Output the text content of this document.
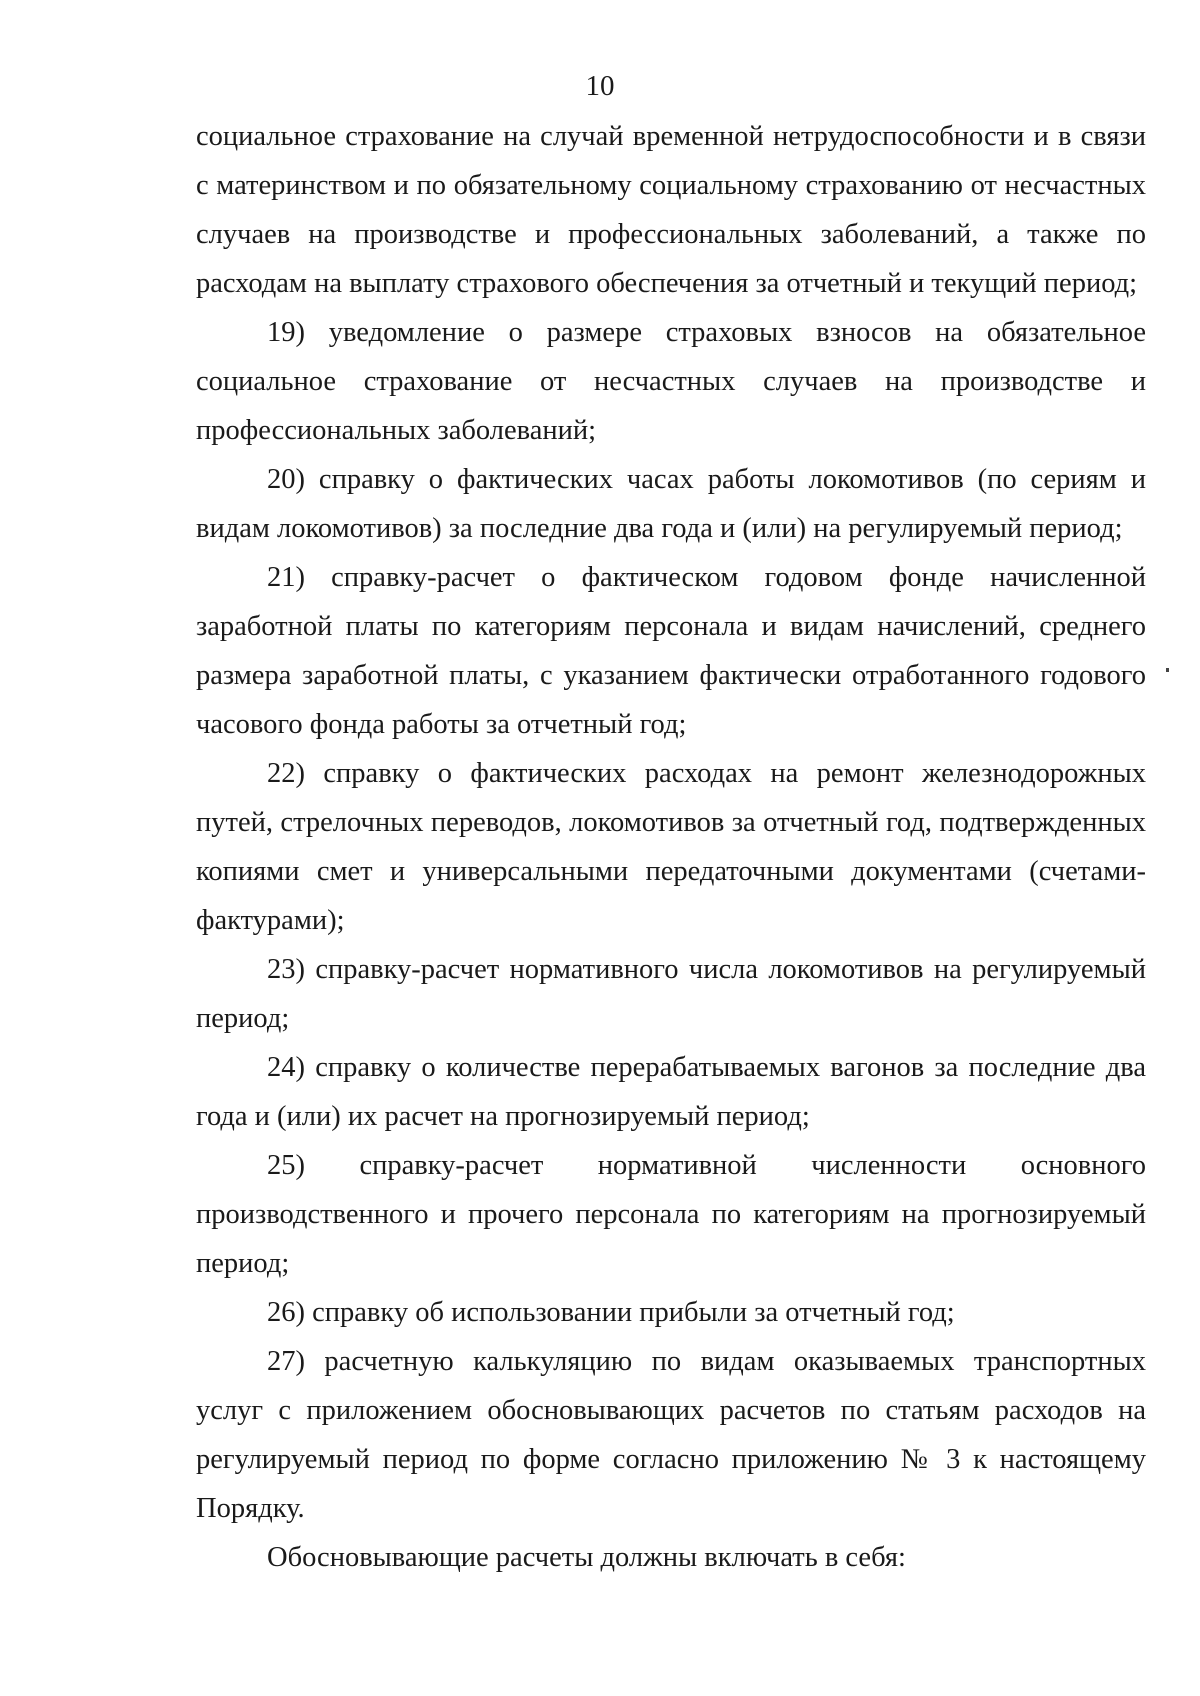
10

социальное страхование на случай временной нетрудоспособности и в связи с материнством и по обязательному социальному страхованию от несчастных случаев на производстве и профессиональных заболеваний, а также по расходам на выплату страхового обеспечения за отчетный и текущий период;

19) уведомление о размере страховых взносов на обязательное социальное страхование от несчастных случаев на производстве и профессиональных заболеваний;

20) справку о фактических часах работы локомотивов (по сериям и видам локомотивов) за последние два года и (или) на регулируемый период;

21) справку-расчет о фактическом годовом фонде начисленной заработной платы по категориям персонала и видам начислений, среднего размера заработной платы, с указанием фактически отработанного годового часового фонда работы за отчетный год;

22) справку о фактических расходах на ремонт железнодорожных путей, стрелочных переводов, локомотивов за отчетный год, подтвержденных копиями смет и универсальными передаточными документами (счетами-фактурами);

23) справку-расчет нормативного числа локомотивов на регулируемый период;

24) справку о количестве перерабатываемых вагонов за последние два года и (или) их расчет на прогнозируемый период;

25) справку-расчет нормативной численности основного производственного и прочего персонала по категориям на прогнозируемый период;

26) справку об использовании прибыли за отчетный год;

27) расчетную калькуляцию по видам оказываемых транспортных услуг с приложением обосновывающих расчетов по статьям расходов на регулируемый период по форме согласно приложению № 3 к настоящему Порядку.

Обосновывающие расчеты должны включать в себя:
